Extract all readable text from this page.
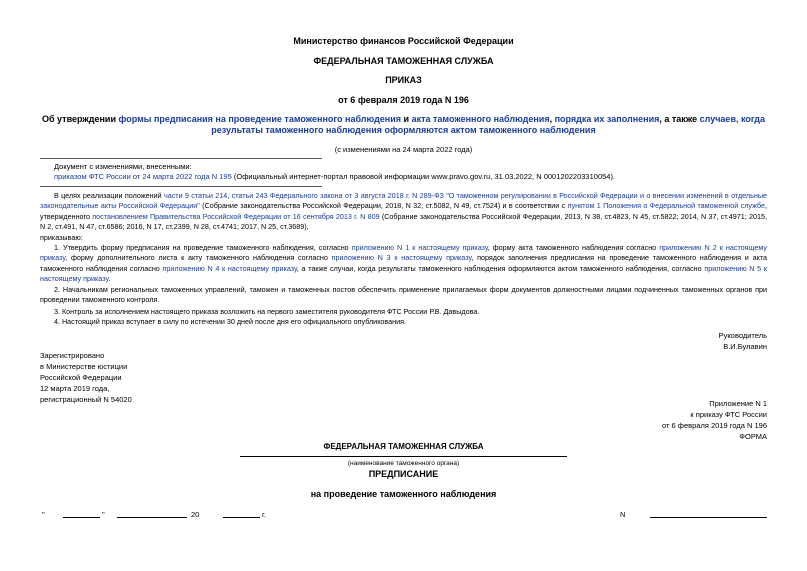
Министерство финансов Российской Федерации
ФЕДЕРАЛЬНАЯ ТАМОЖЕННАЯ СЛУЖБА
ПРИКАЗ
от 6 февраля 2019 года N 196
Об утверждении формы предписания на проведение таможенного наблюдения и акта таможенного наблюдения, порядка их заполнения, а также случаев, когда результаты таможенного наблюдения оформляются актом таможенного наблюдения
(с изменениями на 24 марта 2022 года)
Документ с изменениями, внесенными:
приказом ФТС России от 24 марта 2022 года N 195 (Официальный интернет-портал правовой информации www.pravo.gov.ru, 31.03.2022, N 0001202203310054).
В целях реализации положений части 9 статьи 214, статьи 243 Федерального закона от 3 августа 2018 г. N 289-ФЗ "О таможенном регулировании в Российской Федерации и о внесении изменений в отдельные законодательные акты Российской Федерации" (Собрание законодательства Российской Федерации, 2018, N 32, ст.5082, N 49, ст.7524) и в соответствии с пунктом 1 Положения о Федеральной таможенной службе, утвержденного постановлением Правительства Российской Федерации от 16 сентября 2013 г. N 809 (Собрание законодательства Российской Федерации, 2013, N 38, ст.4823, N 45, ст.5822; 2014, N 37, ст.4971; 2015, N 2, ст.491, N 47, ст.6586; 2016, N 17, ст.2399, N 28, ст.4741; 2017, N 25, ст.3689),
приказываю:
1. Утвердить форму предписания на проведение таможенного наблюдения, согласно приложению N 1 к настоящему приказу, форму акта таможенного наблюдения согласно приложению N 2 к настоящему приказу, форму дополнительного листа к акту таможенного наблюдения согласно приложению N 3 к настоящему приказу, порядок заполнения предписания на проведение таможенного наблюдения и акта таможенного наблюдения согласно приложению N 4 к настоящему приказу, а также случаи, когда результаты таможенного наблюдения оформляются актом таможенного наблюдения, согласно приложению N 5 к настоящему приказу.
2. Начальникам региональных таможенных управлений, таможен и таможенных постов обеспечить применение прилагаемых форм документов должностными лицами подчиненных таможенных органов при проведении таможенного контроля.
3. Контроль за исполнением настоящего приказа возложить на первого заместителя руководителя ФТС России Р.В. Давыдова.
4. Настоящий приказ вступает в силу по истечении 30 дней после дня его официального опубликования.
Руководитель
В.И.Булавин
Зарегистрировано
в Министерстве юстиции
Российской Федерации
12 марта 2019 года,
регистрационный N 54020	Приложение N 1
к приказу ФТС России
от 6 февраля 2019 года N 196
ФОРМА
ФЕДЕРАЛЬНАЯ ТАМОЖЕННАЯ СЛУЖБА
(наименование таможенного органа)
ПРЕДПИСАНИЕ
на проведение таможенного наблюдения
"	"	20	г.	N
